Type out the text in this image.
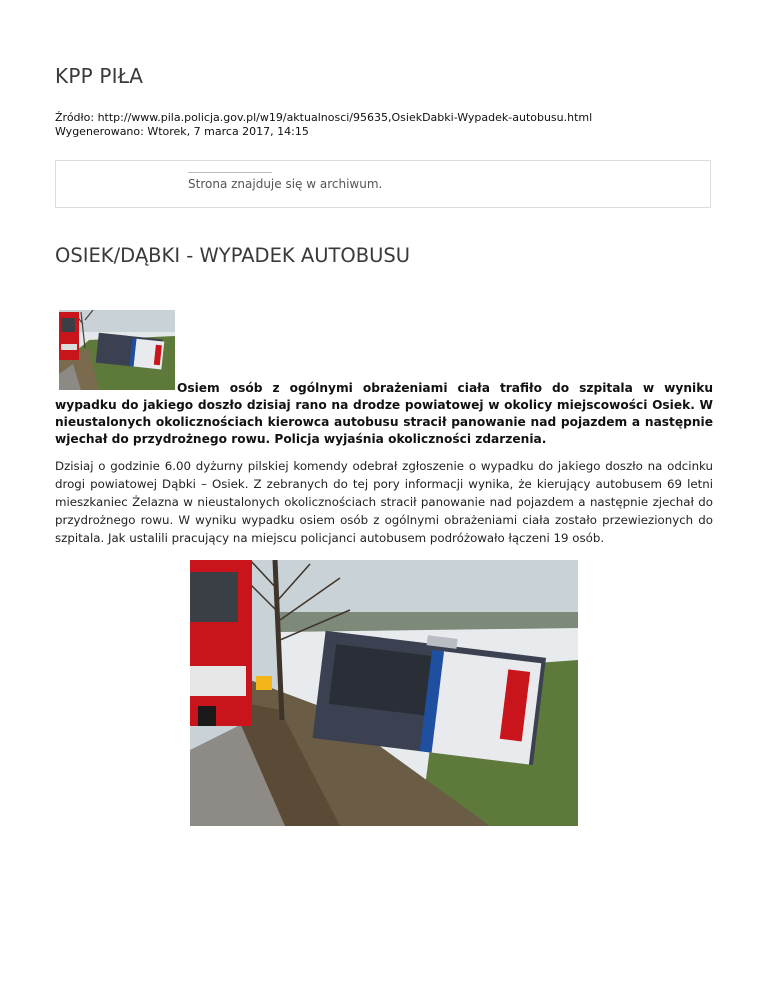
KPP PIŁA
Źródło: http://www.pila.policja.gov.pl/w19/aktualnosci/95635,OsiekDabki-Wypadek-autobusu.html
Wygenerowano: Wtorek, 7 marca 2017, 14:15
Strona znajduje się w archiwum.
OSIEK/DĄBKI - WYPADEK AUTOBUSU

Osiem osób z ogólnymi obrażeniami ciała trafiło do szpitala w wyniku wypadku do jakiego doszło dzisiaj rano na drodze powiatowej w okolicy miejscowości Osiek. W nieustalonych okolicznościach kierowca autobusu stracił panowanie nad pojazdem a następnie wjechał do przydrożnego rowu. Policja wyjaśnia okoliczności zdarzenia.

Dzisiaj o godzinie 6.00 dyżurny pilskiej komendy odebrał zgłoszenie o wypadku do jakiego doszło na odcinku drogi powiatowej Dąbki – Osiek. Z zebranych do tej pory informacji wynika, że kierujący autobusem 69 letni mieszkaniec Żelazna w nieustalonych okolicznościach stracił panowanie nad pojazdem a następnie zjechał do przydrożnego rowu. W wyniku wypadku osiem osób z ogólnymi obrażeniami ciała zostało przewiezionych do szpitala. Jak ustalili pracujący na miejscu policjanci autobusem podróżowało łączeni 19 osób.
